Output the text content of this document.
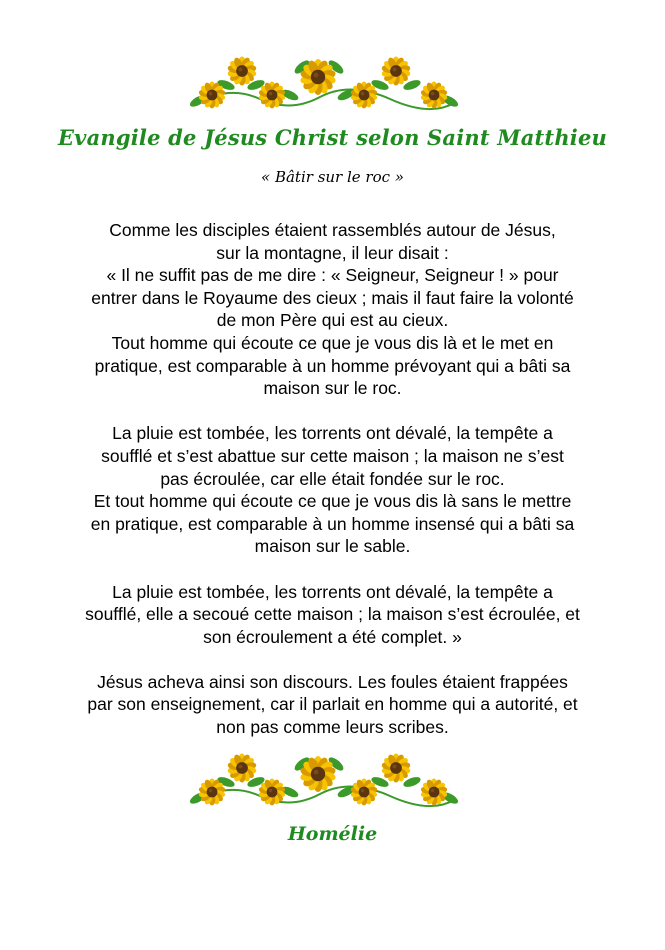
Evangile de Jésus Christ selon Saint Matthieu
« Bâtir sur le roc »

Comme les disciples étaient rassemblés autour de Jésus,

sur la montagne, il leur disait :

« Il ne suffit pas de me dire : « Seigneur, Seigneur ! » pour

entrer dans le Royaume des cieux ; mais il faut faire la volonté

de mon Père qui est au cieux.

Tout homme qui écoute ce que je vous dis là et le met en

pratique, est comparable à un homme prévoyant qui a bâti sa

maison sur le roc.

La pluie est tombée, les torrents ont dévalé, la tempête a

soufflé et s’est abattue sur cette maison ; la maison ne s’est

pas écroulée, car elle était fondée sur le roc.

Et tout homme qui écoute ce que je vous dis là sans le mettre

en pratique, est comparable à un homme insensé qui a bâti sa

maison sur le sable.

La pluie est tombée, les torrents ont dévalé, la tempête a

soufflé, elle a secoué cette maison ; la maison s’est écroulée, et

son écroulement a été complet. »

Jésus acheva ainsi son discours. Les foules étaient frappées

par son enseignement, car il parlait en homme qui a autorité, et

non pas comme leurs scribes.

Homélie
